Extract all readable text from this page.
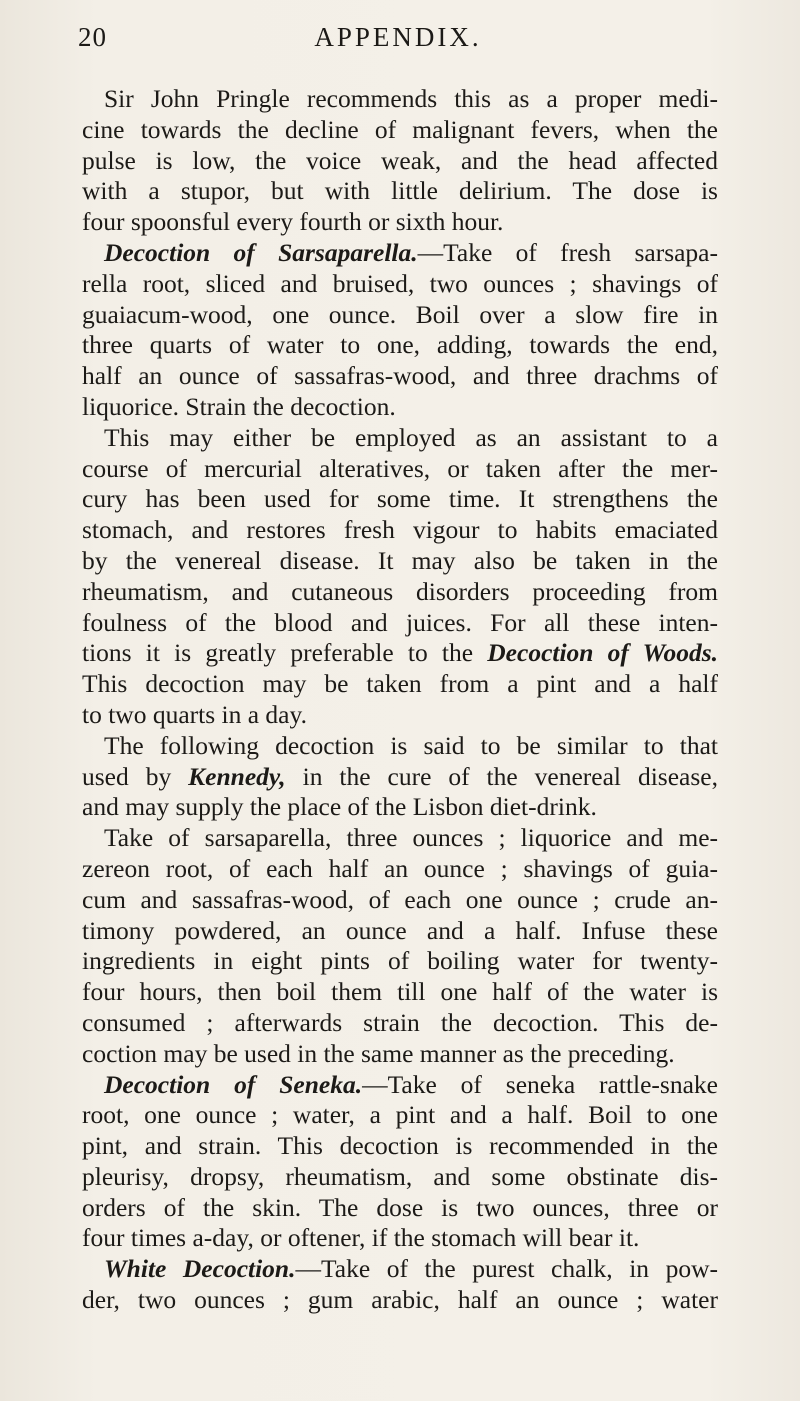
20	APPENDIX.
Sir John Pringle recommends this as a proper medi-
cine towards the decline of malignant fevers, when the
pulse is low, the voice weak, and the head affected
with a stupor, but with little delirium. The dose is
four spoonsful every fourth or sixth hour.
Decoction of Sarsaparella.—Take of fresh sarsapa-
rella root, sliced and bruised, two ounces ; shavings of
guaiacum-wood, one ounce. Boil over a slow fire in
three quarts of water to one, adding, towards the end,
half an ounce of sassafras-wood, and three drachms of
liquorice. Strain the decoction.
This may either be employed as an assistant to a
course of mercurial alteratives, or taken after the mer-
cury has been used for some time. It strengthens the
stomach, and restores fresh vigour to habits emaciated
by the venereal disease. It may also be taken in the
rheumatism, and cutaneous disorders proceeding from
foulness of the blood and juices. For all these inten-
tions it is greatly preferable to the Decoction of Woods.
This decoction may be taken from a pint and a half
to two quarts in a day.
The following decoction is said to be similar to that
used by Kennedy, in the cure of the venereal disease,
and may supply the place of the Lisbon diet-drink.
Take of sarsaparella, three ounces ; liquorice and me-
zereon root, of each half an ounce ; shavings of guia-
cum and sassafras-wood, of each one ounce ; crude an-
timony powdered, an ounce and a half. Infuse these
ingredients in eight pints of boiling water for twenty-
four hours, then boil them till one half of the water is
consumed ; afterwards strain the decoction. This de-
coction may be used in the same manner as the preceding.
Decoction of Seneka.—Take of seneka rattle-snake
root, one ounce ; water, a pint and a half. Boil to one
pint, and strain. This decoction is recommended in the
pleurisy, dropsy, rheumatism, and some obstinate dis-
orders of the skin. The dose is two ounces, three or
four times a-day, or oftener, if the stomach will bear it.
White Decoction.—Take of the purest chalk, in pow-
der, two ounces ; gum arabic, half an ounce ; water
